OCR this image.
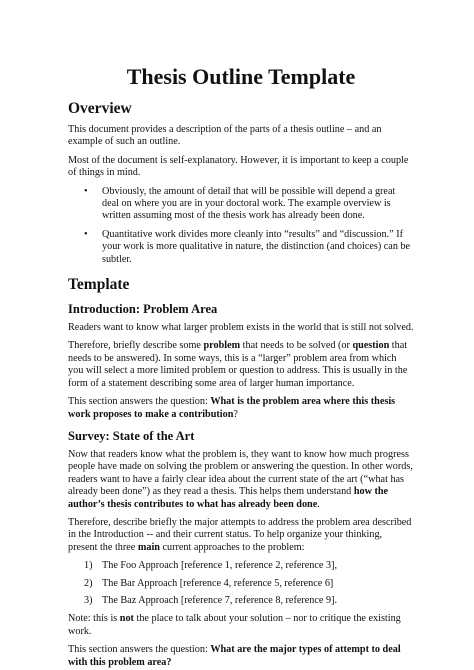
Thesis Outline Template
Overview

This document provides a description of the parts of a thesis outline – and an example of such an outline.

Most of the document is self-explanatory. However, it is important to keep a couple of things in mind.

• Obviously, the amount of detail that will be possible will depend a great deal on where you are in your doctoral work. The example overview is written assuming most of the thesis work has already been done.
• Quantitative work divides more cleanly into “results” and “discussion.” If your work is more qualitative in nature, the distinction (and choices) can be subtler.
Template
Introduction: Problem Area

Readers want to know what larger problem exists in the world that is still not solved.

Therefore, briefly describe some problem that needs to be solved (or question that needs to be answered). In some ways, this is a “larger” problem area from which you will select a more limited problem or question to address. This is usually in the form of a statement describing some area of larger human importance.

This section answers the question: What is the problem area where this thesis work proposes to make a contribution?

Survey: State of the Art

Now that readers know what the problem is, they want to know how much progress people have made on solving the problem or answering the question. In other words, readers want to have a fairly clear idea about the current state of the art (“what has already been done”) as they read a thesis. This helps them understand how the author’s thesis contributes to what has already been done.

Therefore, describe briefly the major attempts to address the problem area described in the Introduction -- and their current status. To help organize your thinking, present the three main current approaches to the problem:

1) The Foo Approach [reference 1, reference 2, reference 3],
2) The Bar Approach [reference 4, reference 5, reference 6]
3) The Baz Approach [reference 7, reference 8, reference 9].

Note: this is not the place to talk about your solution – nor to critique the existing work.

This section answers the question: What are the major types of attempt to deal with this problem area?
